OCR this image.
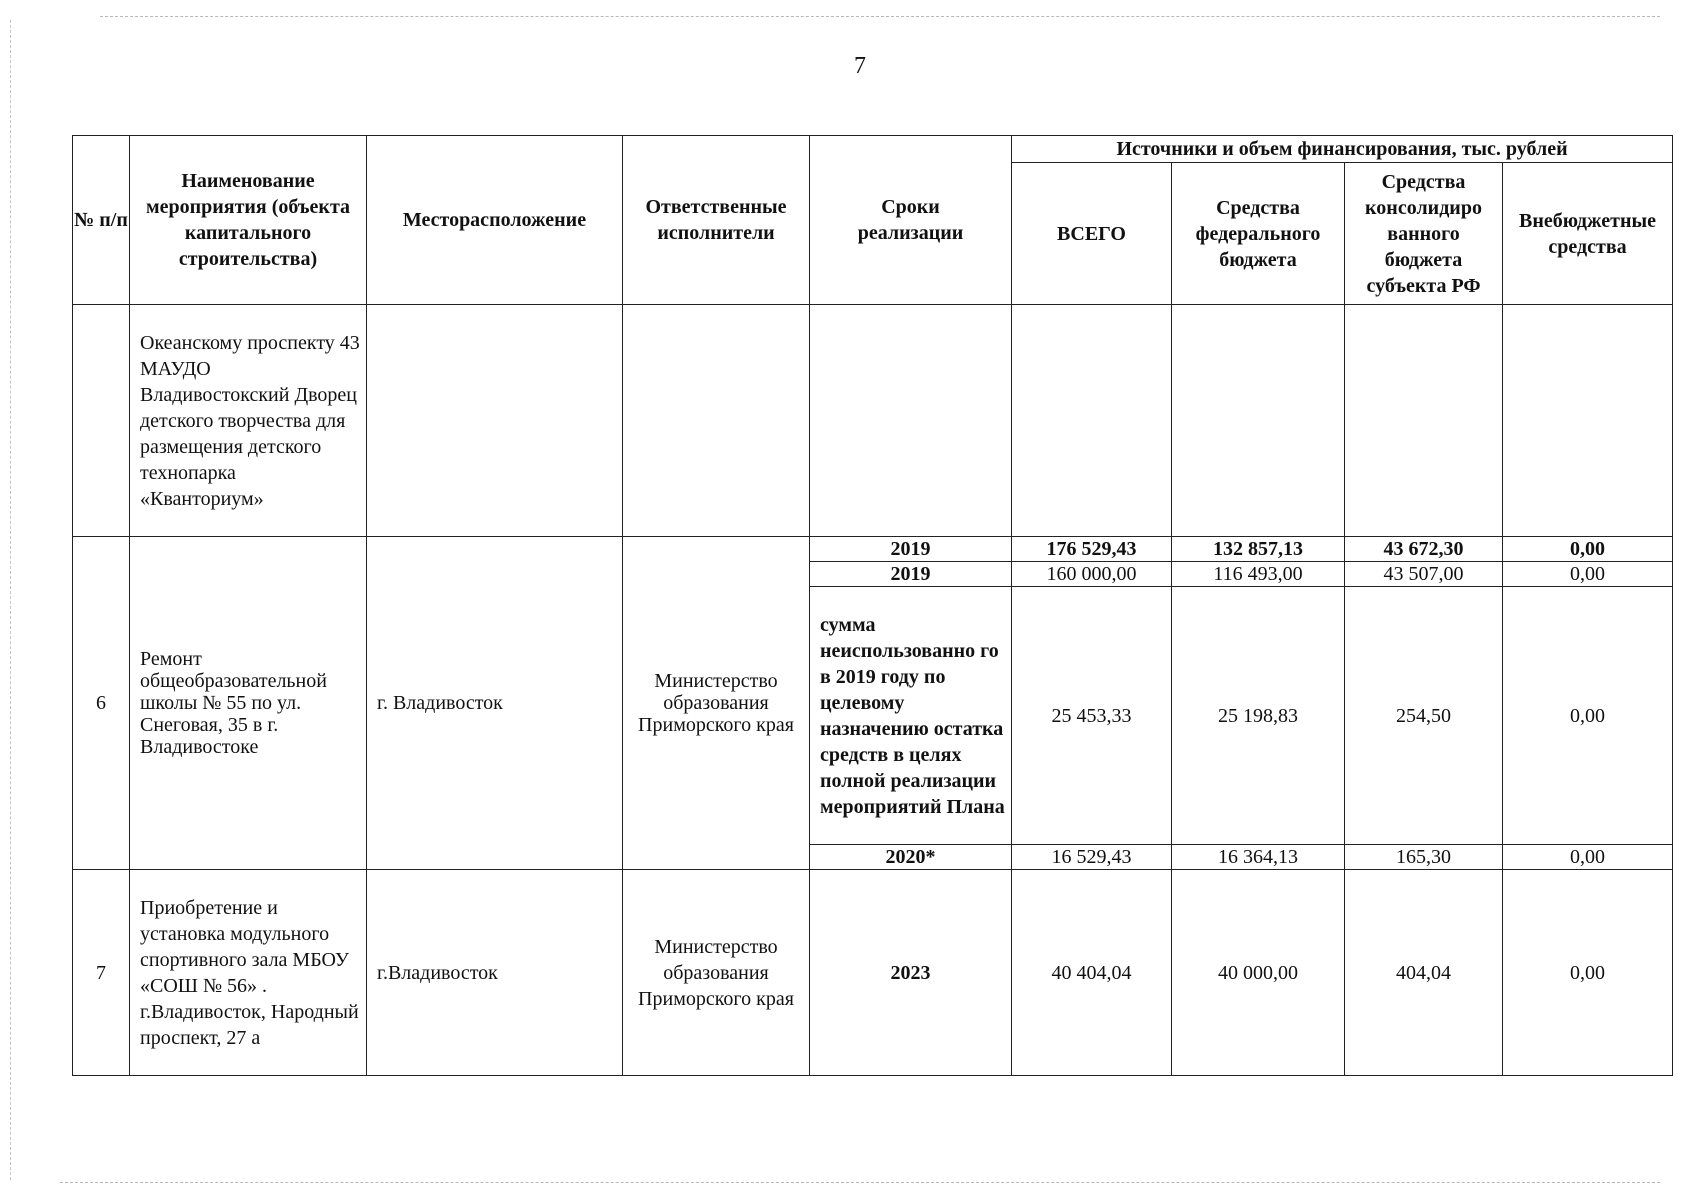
7
№ п/п	Наименование мероприятия (объекта капитального строительства)	Месторасположение	Ответственные исполнители	Сроки реализации	Источники и объем финансирования, тыс. рублей			
					ВСЕГО	Средства федерального бюджета	Средства консолидиро ванного бюджета субъекта РФ	Внебюджетные средства
	Океанскому проспекту 43 МАУДО Владивостокский Дворец детского творчества для размещения детского технопарка «Кванториум»							
6	Ремонт общеобразовательной школы № 55 по ул. Снеговая, 35 в г. Владивостоке	г. Владивосток	Министерство образования Приморского края	2019	176 529,43	132 857,13	43 672,30	0,00
				2019	160 000,00	116 493,00	43 507,00	0,00
				сумма неиспользованно го в 2019 году по целевому назначению остатка средств в целях полной реализации мероприятий Плана	25 453,33	25 198,83	254,50	0,00
				2020*	16 529,43	16 364,13	165,30	0,00
7	Приобретение и установка модульного спортивного зала МБОУ «СОШ № 56» . г.Владивосток, Народный проспект, 27 а	г.Владивосток	Министерство образования Приморского края	2023	40 404,04	40 000,00	404,04	0,00
